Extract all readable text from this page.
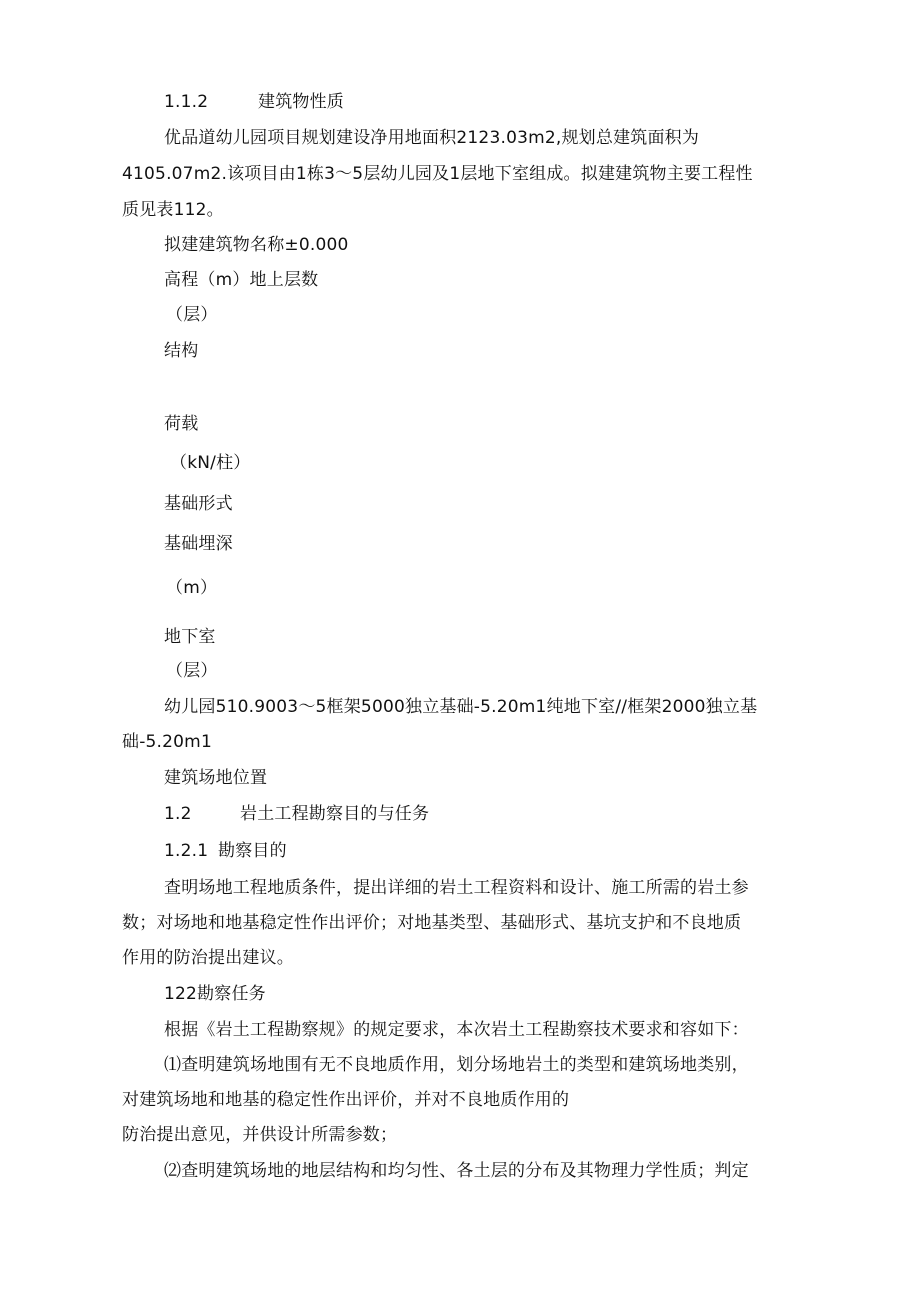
1.1.2	建筑物性质
优品道幼儿园项目规划建设净用地面积2123.03m2,规划总建筑面积为
4105.07m2.该项目由1栋3～5层幼儿园及1层地下室组成。拟建建筑物主要工程性
质见表112。
拟建建筑物名称±0.000
高程（m）地上层数
（层）
结构
荷载
（kN/柱）
基础形式
基础埋深
（m）
地下室
（层）
幼儿园510.9003～5框架5000独立基础-5.20m1纯地下室//框架2000独立基
础-5.20m1
建筑场地位置
1.2	岩土工程勘察目的与任务
1.2.1 勘察目的
查明场地工程地质条件，提出详细的岩土工程资料和设计、施工所需的岩土参
数；对场地和地基稳定性作出评价；对地基类型、基础形式、基坑支护和不良地质
作用的防治提出建议。
122勘察任务
根据《岩土工程勘察规》的规定要求，本次岩土工程勘察技术要求和容如下：
⑴查明建筑场地围有无不良地质作用，划分场地岩土的类型和建筑场地类别，
对建筑场地和地基的稳定性作出评价，并对不良地质作用的
防治提出意见，并供设计所需参数；
⑵查明建筑场地的地层结构和均匀性、各土层的分布及其物理力学性质；判定
